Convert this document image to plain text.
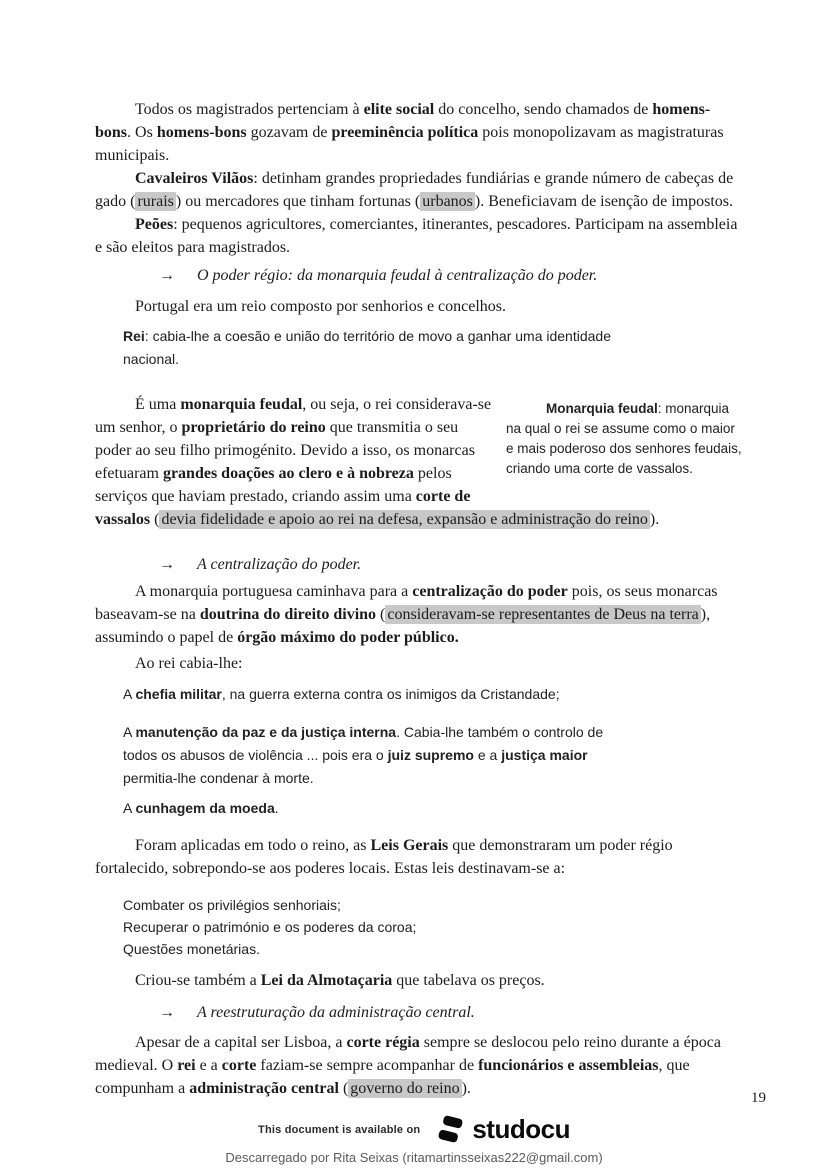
Todos os magistrados pertenciam à elite social do concelho, sendo chamados de homens-bons. Os homens-bons gozavam de preeminência política pois monopolizavam as magistraturas municipais.
Cavaleiros Vilãos: detinham grandes propriedades fundiárias e grande número de cabeças de gado ( rurais ) ou mercadores que tinham fortunas ( urbanos ). Beneficiavam de isenção de impostos.
Peões: pequenos agricultores, comerciantes, itinerantes, pescadores. Participam na assembleia e são eleitos para magistrados.
→ O poder régio: da monarquia feudal à centralização do poder.
Portugal era um reio composto por senhorios e concelhos.
Rei: cabia-lhe a coesão e união do território de movo a ganhar uma identidade nacional.
Monarquia feudal: monarquia na qual o rei se assume como o maior e mais poderoso dos senhores feudais, criando uma corte de vassalos.
É uma monarquia feudal, ou seja, o rei considerava-se um senhor, o proprietário do reino que transmitia o seu poder ao seu filho primogénito. Devido a isso, os monarcas efetuaram grandes doações ao clero e à nobreza pelos serviços que haviam prestado, criando assim uma corte de vassalos ( devia fidelidade e apoio ao rei na defesa, expansão e administração do reino ).
→ A centralização do poder.
A monarquia portuguesa caminhava para a centralização do poder pois, os seus monarcas baseavam-se na doutrina do direito divino ( consideravam-se representantes de Deus na terra ), assumindo o papel de órgão máximo do poder público.
Ao rei cabia-lhe:
A chefia militar, na guerra externa contra os inimigos da Cristandade;
A manutenção da paz e da justiça interna. Cabia-lhe também o controlo de todos os abusos de violência ... pois era o juiz supremo e a justiça maior permitia-lhe condenar à morte.
A cunhagem da moeda.
Foram aplicadas em todo o reino, as Leis Gerais que demonstraram um poder régio fortalecido, sobrepondo-se aos poderes locais. Estas leis destinavam-se a:
Combater os privilégios senhoriais;
Recuperar o património e os poderes da coroa;
Questões monetárias.
Criou-se também a Lei da Almotaçaria que tabelava os preços.
→ A reestruturação da administração central.
Apesar de a capital ser Lisboa, a corte régia sempre se deslocou pelo reino durante a época medieval. O rei e a corte faziam-se sempre acompanhar de funcionários e assembleias, que compunham a administração central ( governo do reino ).
19
This document is available on studocu
Descarregado por Rita Seixas (ritamartinsseixas222@gmail.com)
